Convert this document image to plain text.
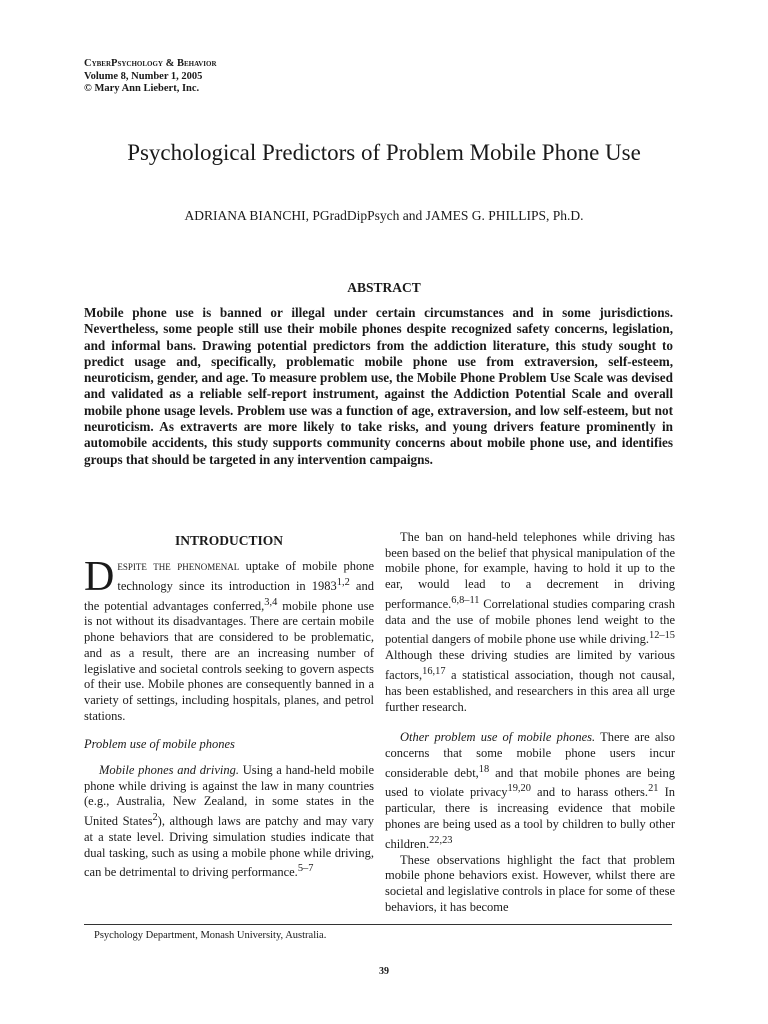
CyberPsychology & Behavior
Volume 8, Number 1, 2005
© Mary Ann Liebert, Inc.
Psychological Predictors of Problem Mobile Phone Use
ADRIANA BIANCHI, PGradDipPsych and JAMES G. PHILLIPS, Ph.D.
ABSTRACT

Mobile phone use is banned or illegal under certain circumstances and in some jurisdictions. Nevertheless, some people still use their mobile phones despite recognized safety concerns, legislation, and informal bans. Drawing potential predictors from the addiction literature, this study sought to predict usage and, specifically, problematic mobile phone use from extraversion, self-esteem, neuroticism, gender, and age. To measure problem use, the Mobile Phone Problem Use Scale was devised and validated as a reliable self-report instrument, against the Addiction Potential Scale and overall mobile phone usage levels. Problem use was a function of age, extraversion, and low self-esteem, but not neuroticism. As extraverts are more likely to take risks, and young drivers feature prominently in automobile accidents, this study supports community concerns about mobile phone use, and identifies groups that should be targeted in any intervention campaigns.

INTRODUCTION

Despite the phenomenal uptake of mobile phone technology since its introduction in 1983$^{1,2}$ and the potential advantages conferred,$^{3,4}$ mobile phone use is not without its disadvantages. There are certain mobile phone behaviors that are considered to be problematic, and as a result, there are an increasing number of legislative and societal controls seeking to govern aspects of their use. Mobile phones are consequently banned in a variety of settings, including hospitals, planes, and petrol stations.

Problem use of mobile phones

Mobile phones and driving. Using a hand-held mobile phone while driving is against the law in many countries (e.g., Australia, New Zealand, in some states in the United States$^2$), although laws are patchy and may vary at a state level. Driving simulation studies indicate that dual tasking, such as using a mobile phone while driving, can be detrimental to driving performance.$^{5-7}$

The ban on hand-held telephones while driving has been based on the belief that physical manipulation of the mobile phone, for example, having to hold it up to the ear, would lead to a decrement in driving performance.$^{6,8-11}$ Correlational studies comparing crash data and the use of mobile phones lend weight to the potential dangers of mobile phone use while driving.$^{12-15}$ Although these driving studies are limited by various factors,$^{16,17}$ a statistical association, though not causal, has been established, and researchers in this area all urge further research.

Other problem use of mobile phones. There are also concerns that some mobile phone users incur considerable debt,$^{18}$ and that mobile phones are being used to violate privacy$^{19,20}$ and to harass others.$^{21}$ In particular, there is increasing evidence that mobile phones are being used as a tool by children to bully other children.$^{22,23}$

These observations highlight the fact that problem mobile phone behaviors exist. However, whilst there are societal and legislative controls in place for some of these behaviors, it has become

Psychology Department, Monash University, Australia.
39
